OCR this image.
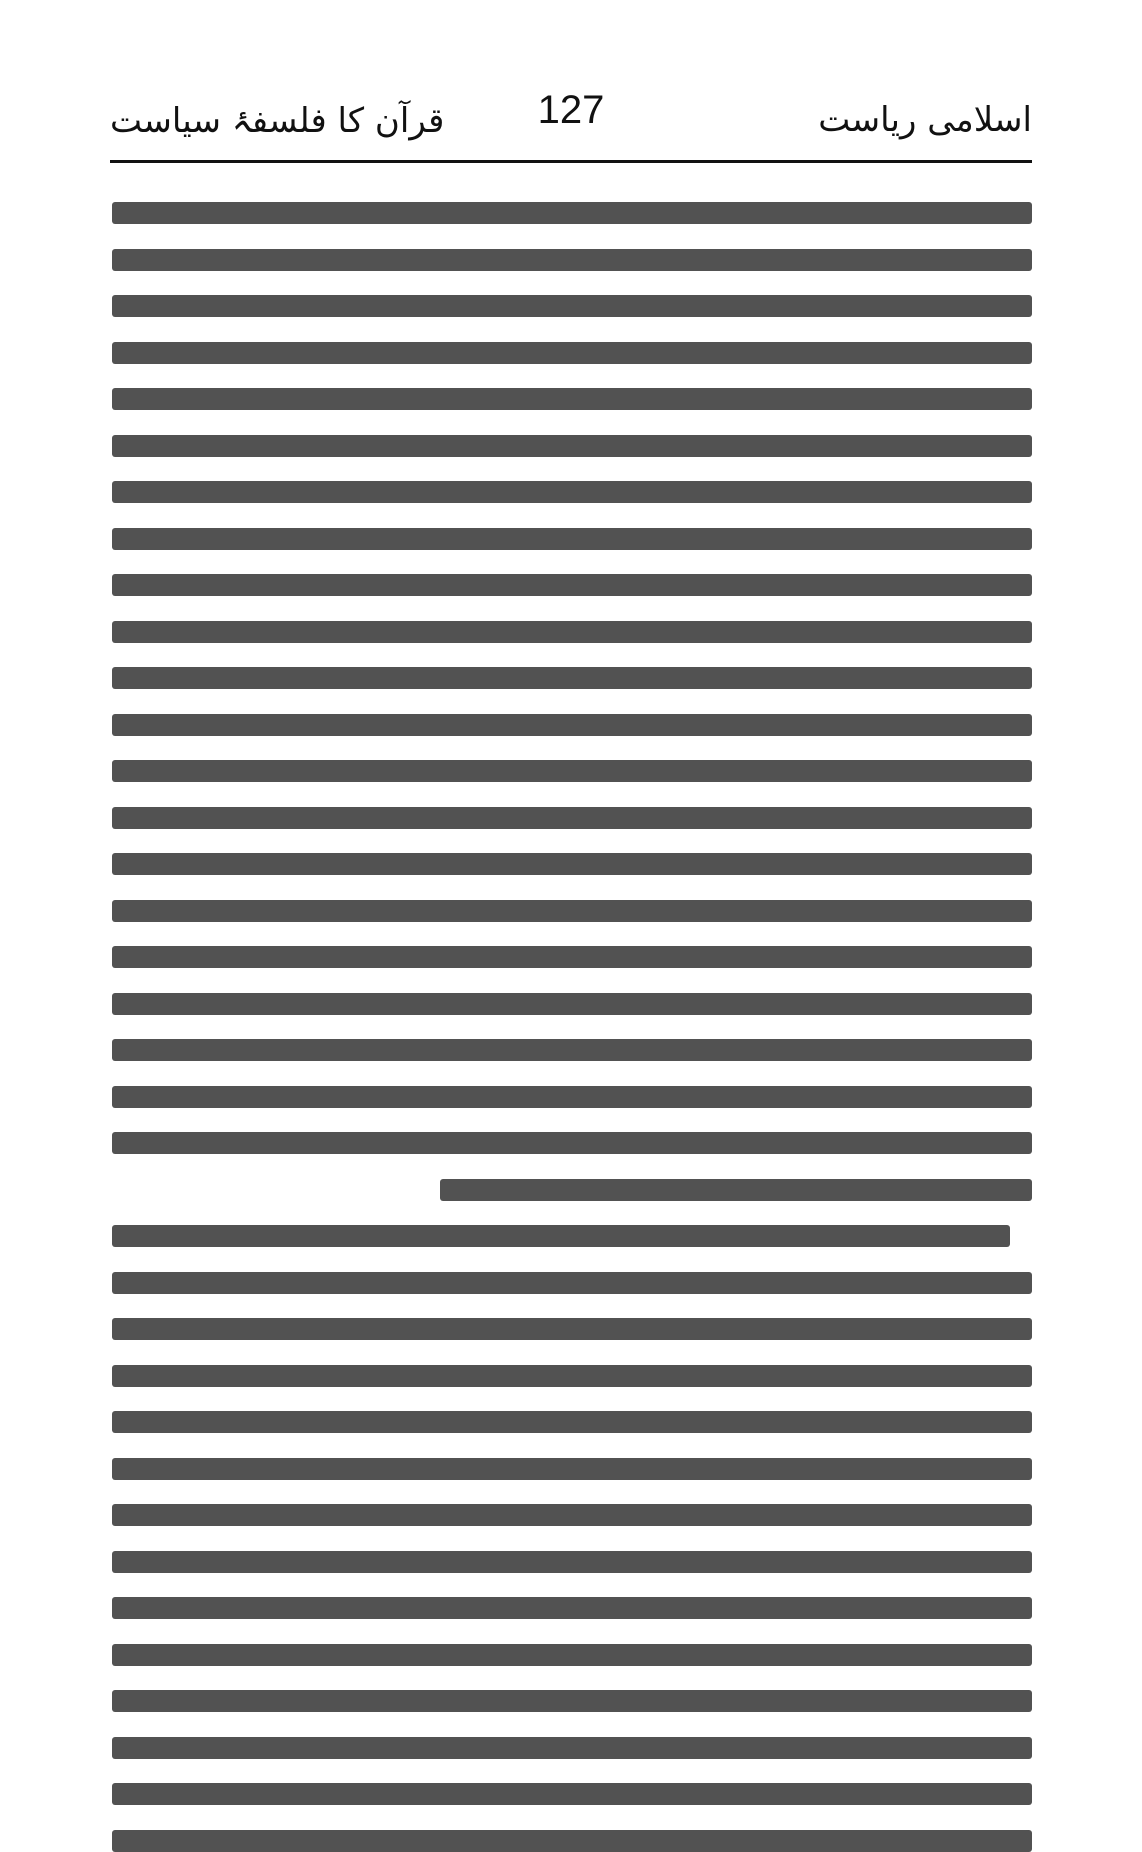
اسلامی ریاست
127
قرآن کا فلسفۂ سیاست
